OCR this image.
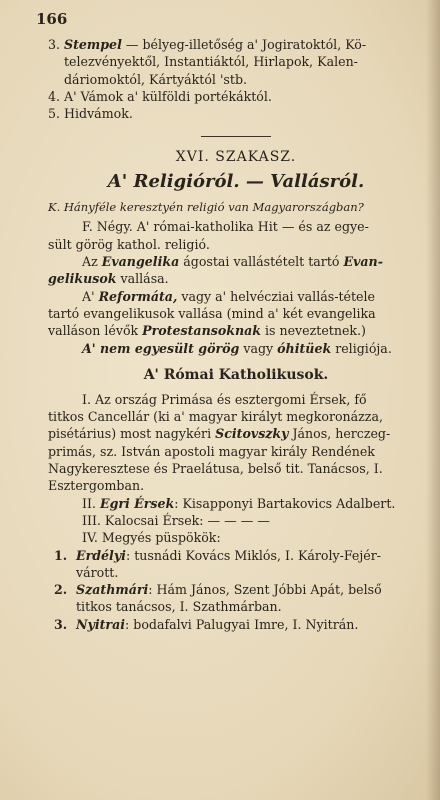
166
3. Stempel — bélyeg-illetőség a' Jogiratoktól, Kö-
telezvényektől, Instantiáktól, Hirlapok, Kalen-
dáriomoktól, Kártyáktól 'stb.
4. A' Vámok a' külföldi portékáktól.
5. Hidvámok.
XVI. SZAKASZ.
A' Religióról. — Vallásról.
K. Hányféle keresztyén religió van Magyarországban?
F. Négy. A' római-katholika Hit — és az egye-
sült görög kathol. religió.
Az Evangelika ágostai vallástételt tartó Evan-
gelikusok vallása.
A' Reformáta, vagy a' helvécziai vallás-tétele
tartó evangelikusok vallása (mind a' két evangelika
valláson lévők Protestansoknak is neveztetnek.)
A' nem egyesült görög vagy óhitüek religiója.
A' Római Katholikusok.
I. Az ország Primása és esztergomi Érsek, fő
titkos Cancellár (ki a' magyar királyt megkoronázza,
pisétárius) most nagykéri Scitovszky János, herczeg-
primás, sz. István apostoli magyar király Rendének
Nagykeresztese és Praelátusa, belső tit. Tanácsos, I.
Esztergomban.
II. Egri Érsek: Kisapponyi Bartakovics Adalbert.
III. Kalocsai Érsek: — — — —
IV. Megyés püspökök:
1. Erdélyi: tusnádi Kovács Miklós, I. Károly-Fejér-
várott.
2. Szathmári: Hám János, Szent Jóbbi Apát, belső
titkos tanácsos, I. Szathmárban.
3. Nyitrai: bodafalvi Palugyai Imre, I. Nyitrán.
